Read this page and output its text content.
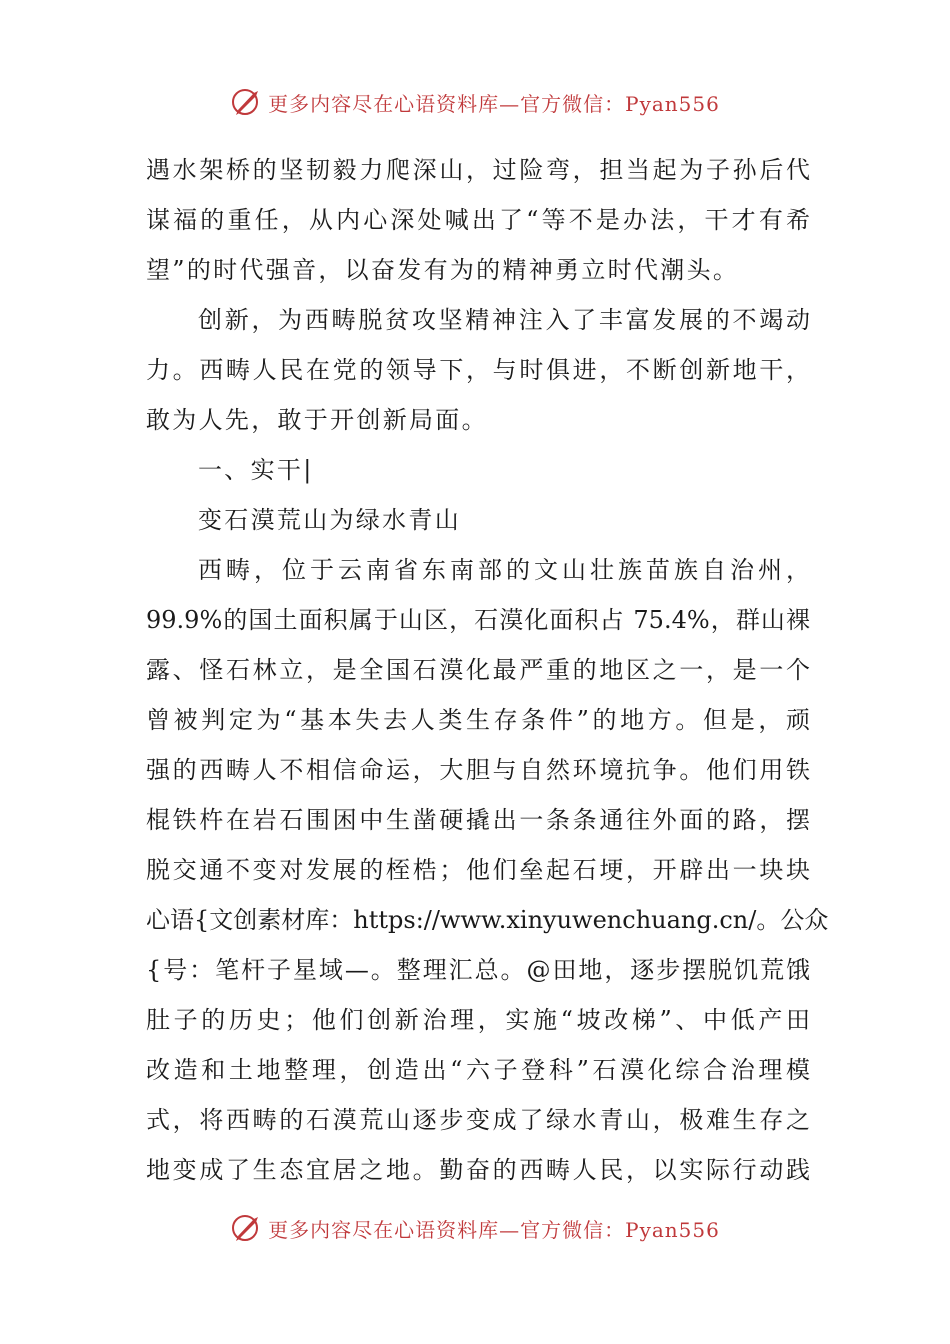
更多内容尽在心语资料库—官方微信：Pyan556
遇水架桥的坚韧毅力爬深山，过险弯，担当起为子孙后代
谋福的重任，从内心深处喊出了“等不是办法，干才有希
望”的时代强音，以奋发有为的精神勇立时代潮头。
创新，为西畴脱贫攻坚精神注入了丰富发展的不竭动
力。西畴人民在党的领导下，与时俱进，不断创新地干，
敢为人先，敢于开创新局面。
一、实干|
变石漠荒山为绿水青山
西畴，位于云南省东南部的文山壮族苗族自治州，
99.9%的国土面积属于山区，石漠化面积占 75.4%，群山裸
露、怪石林立，是全国石漠化最严重的地区之一，是一个
曾被判定为“基本失去人类生存条件”的地方。但是，顽
强的西畴人不相信命运，大胆与自然环境抗争。他们用铁
棍铁杵在岩石围困中生凿硬撬出一条条通往外面的路，摆
脱交通不变对发展的桎梏；他们垒起石埂，开辟出一块块
心语{文创素材库：https://www.xinyuwenchuang.cn/。公众
{号：笔杆子星域—。整理汇总。@田地，逐步摆脱饥荒饿
肚子的历史；他们创新治理，实施“坡改梯”、中低产田
改造和土地整理，创造出“六子登科”石漠化综合治理模
式，将西畴的石漠荒山逐步变成了绿水青山，极难生存之
地变成了生态宜居之地。勤奋的西畴人民，以实际行动践
更多内容尽在心语资料库—官方微信：Pyan556
